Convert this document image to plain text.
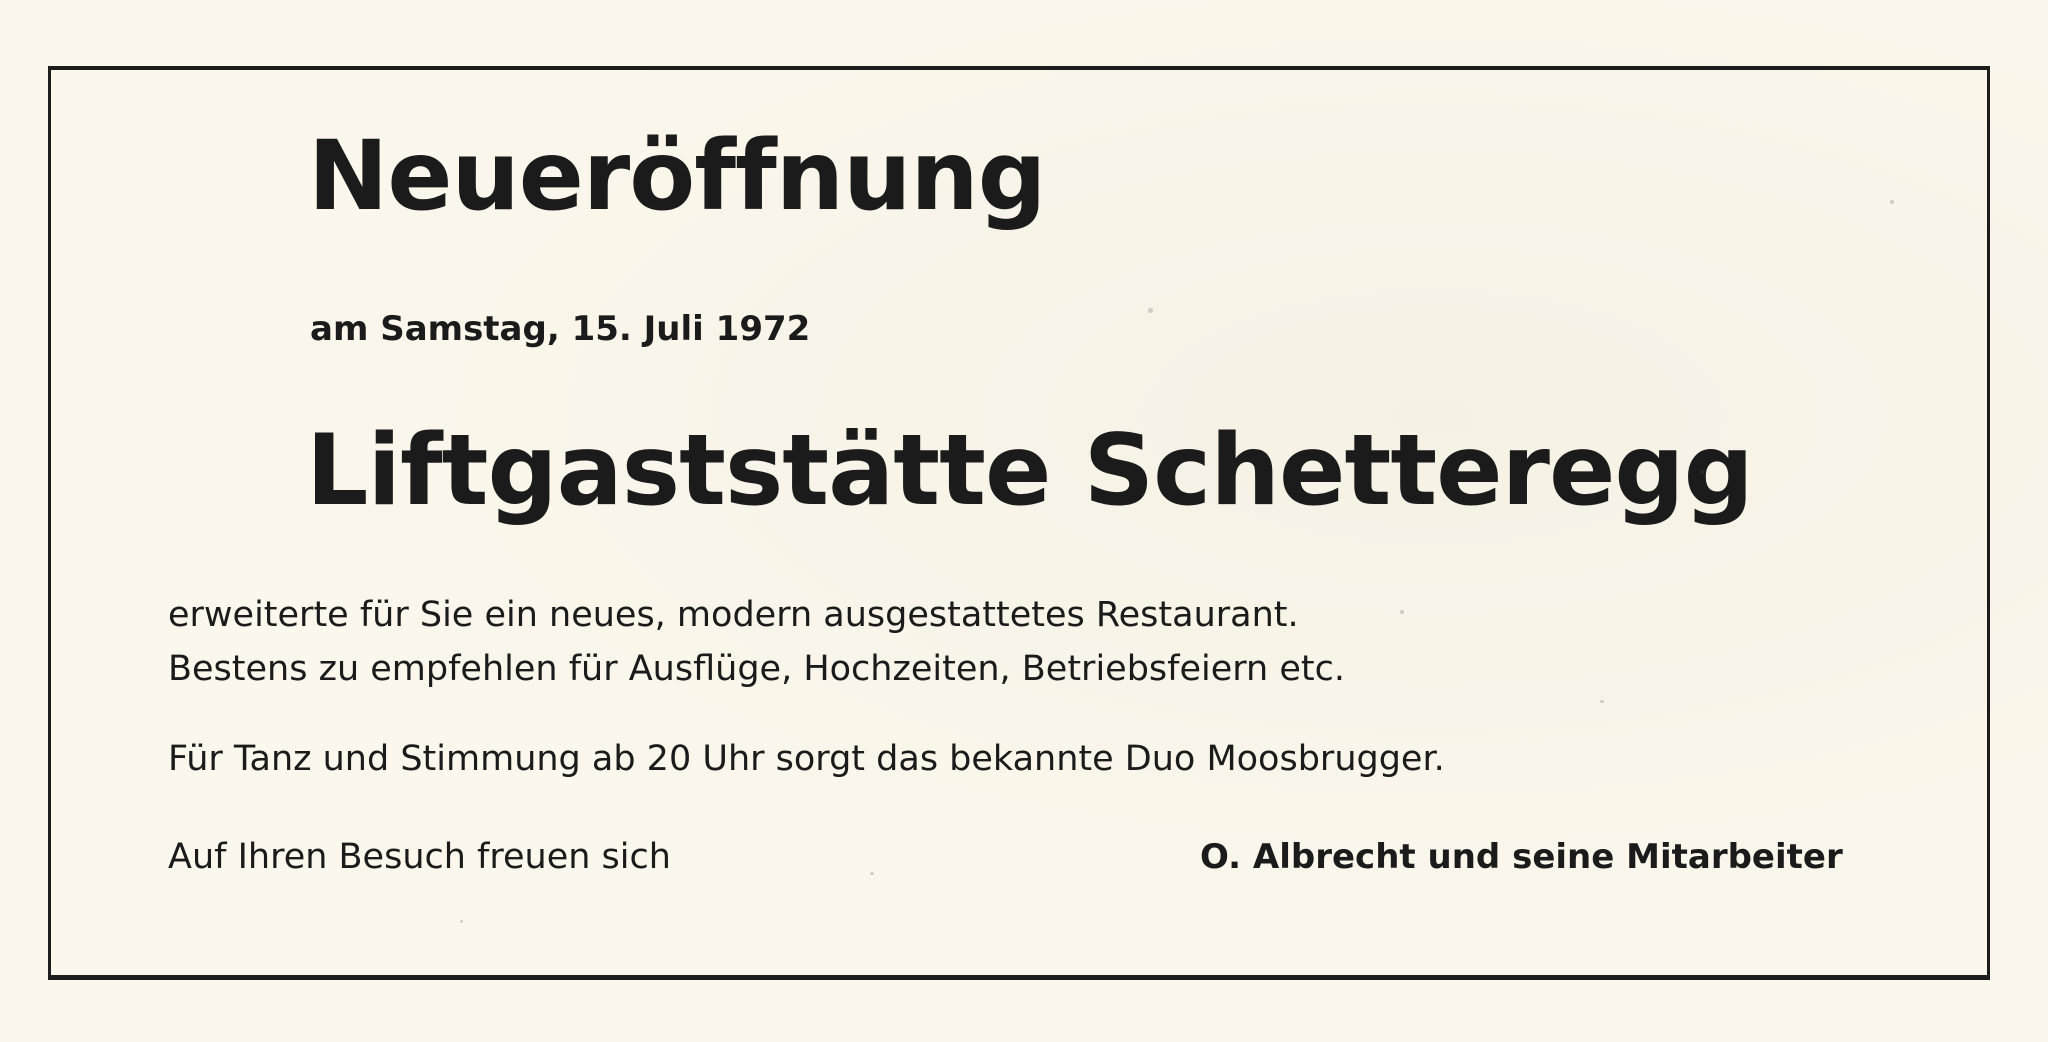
Neueröffnung

am Samstag, 15. Juli 1972

Liftgaststätte Schetteregg

erweiterte für Sie ein neues, modern ausgestattetes Restaurant.

Bestens zu empfehlen für Ausflüge, Hochzeiten, Betriebsfeiern etc.

Für Tanz und Stimmung ab 20 Uhr sorgt das bekannte Duo Moosbrugger.

Auf Ihren Besuch freuen sich	O. Albrecht und seine Mitarbeiter
